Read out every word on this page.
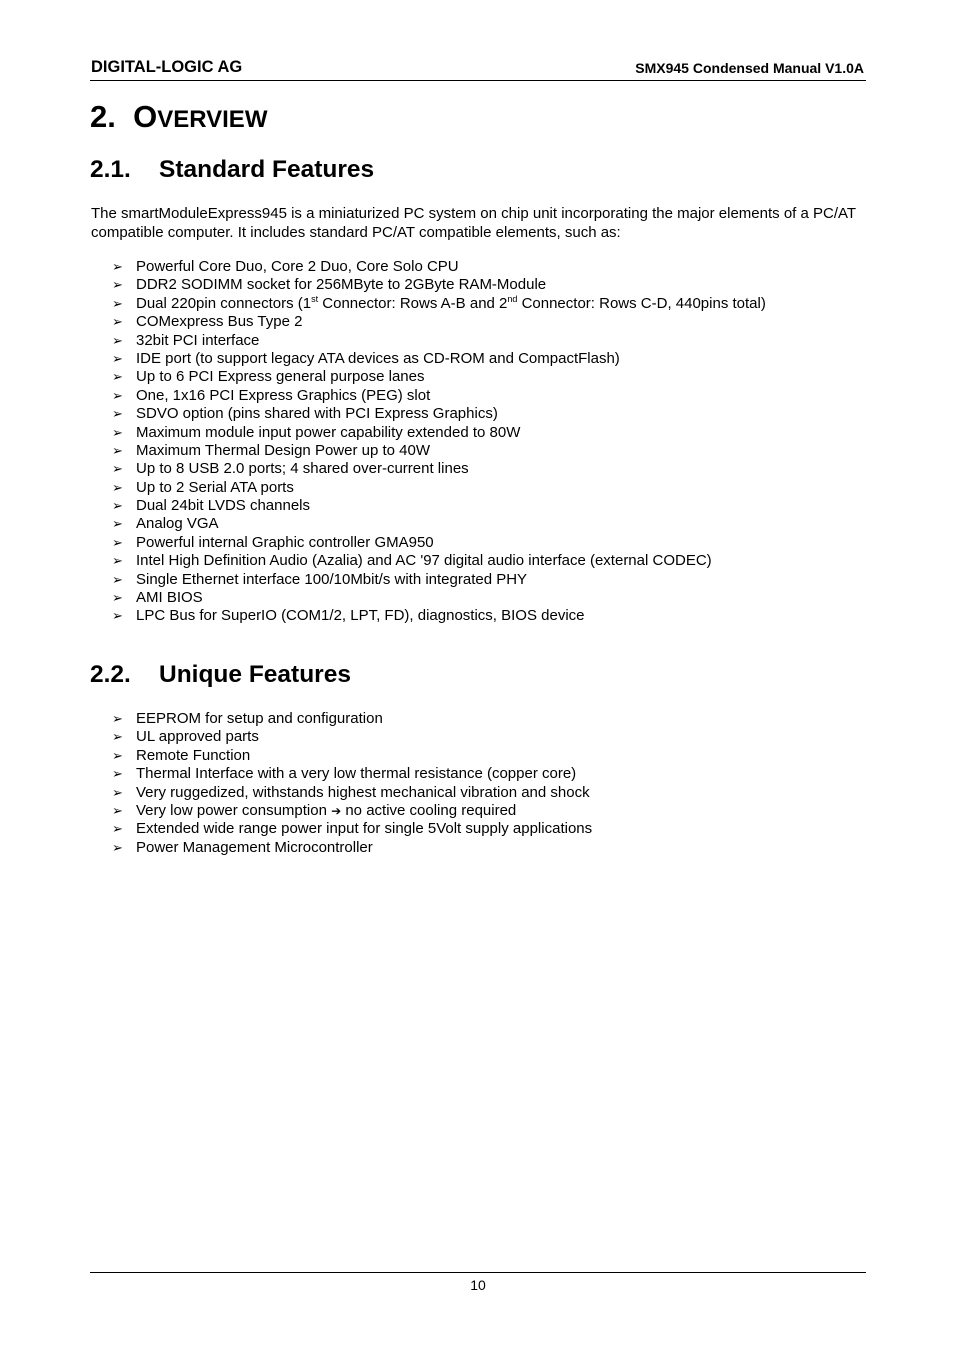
DIGITAL-LOGIC AG	SMX945 Condensed Manual V1.0A
2. OVERVIEW
2.1. Standard Features

The smartModuleExpress945 is a miniaturized PC system on chip unit incorporating the major elements of a PC/AT compatible computer. It includes standard PC/AT compatible elements, such as:

➢ Powerful Core Duo, Core 2 Duo, Core Solo CPU
➢ DDR2 SODIMM socket for 256MByte to 2GByte RAM-Module
➢ Dual 220pin connectors (1st Connector: Rows A-B and 2nd Connector: Rows C-D, 440pins total)
➢ COMexpress Bus Type 2
➢ 32bit PCI interface
➢ IDE port (to support legacy ATA devices as CD-ROM and CompactFlash)
➢ Up to 6 PCI Express general purpose lanes
➢ One, 1x16 PCI Express Graphics (PEG) slot
➢ SDVO option (pins shared with PCI Express Graphics)
➢ Maximum module input power capability extended to 80W
➢ Maximum Thermal Design Power up to 40W
➢ Up to 8 USB 2.0 ports; 4 shared over-current lines
➢ Up to 2 Serial ATA ports
➢ Dual 24bit LVDS channels
➢ Analog VGA
➢ Powerful internal Graphic controller GMA950
➢ Intel High Definition Audio (Azalia) and AC '97 digital audio interface (external CODEC)
➢ Single Ethernet interface 100/10Mbit/s with integrated PHY
➢ AMI BIOS
➢ LPC Bus for SuperIO (COM1/2, LPT, FD), diagnostics, BIOS device
2.2. Unique Features
➢ EEPROM for setup and configuration
➢ UL approved parts
➢ Remote Function
➢ Thermal Interface with a very low thermal resistance (copper core)
➢ Very ruggedized, withstands highest mechanical vibration and shock
➢ Very low power consumption ➔ no active cooling required
➢ Extended wide range power input for single 5Volt supply applications
➢ Power Management Microcontroller
10
